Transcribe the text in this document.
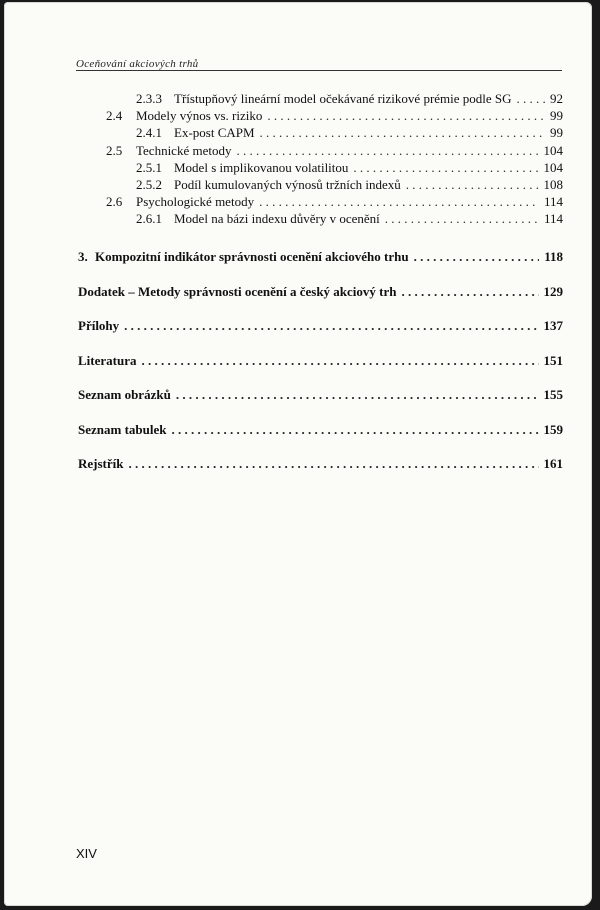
Oceňování akciových trhů
2.3.3 Třístupňový lineární model očekávané rizikové prémie podle SG . . .	92
2.4	Modely výnos vs. riziko . . .	99
2.4.1 Ex-post CAPM . . .	99
2.5	Technické metody . . .	104
2.5.1 Model s implikovanou volatilitou . . .	104
2.5.2 Podíl kumulovaných výnosů tržních indexů . . .	108
2.6	Psychologické metody . . .	114
2.6.1 Model na bázi indexu důvěry v ocenění . . .	114
3. Kompozitní indikátor správnosti ocenění akciového trhu . . .	118
Dodatek – Metody správnosti ocenění a český akciový trh . . .	129
Přílohy . . .	137
Literatura . . .	151
Seznam obrázků . . .	155
Seznam tabulek . . .	159
Rejstřík . . .	161
XIV
